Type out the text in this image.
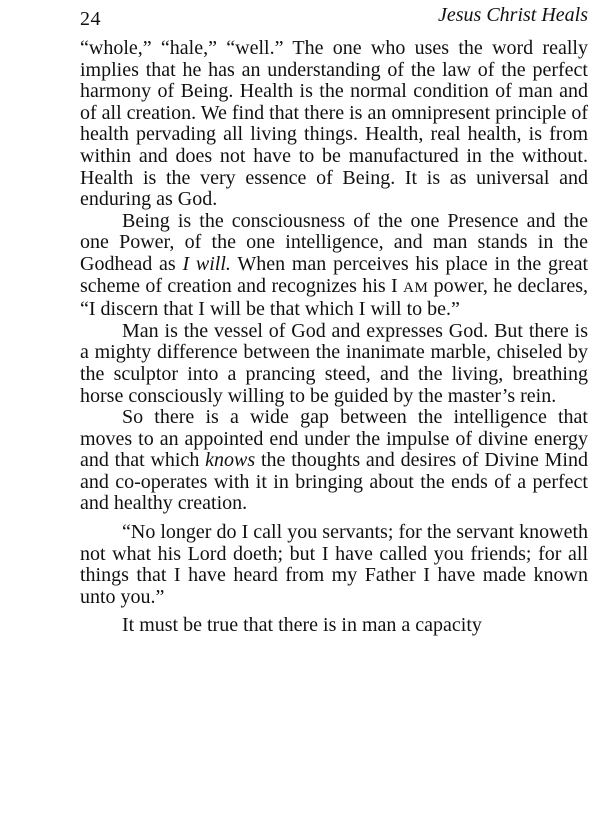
24	Jesus Christ Heals

“whole,” “hale,” “well.” The one who uses the word really implies that he has an understanding of the law of the perfect harmony of Being. Health is the normal condition of man and of all creation. We find that there is an omnipresent principle of health pervading all living things. Health, real health, is from within and does not have to be manufactured in the without. Health is the very essence of Being. It is as universal and enduring as God.

Being is the consciousness of the one Presence and the one Power, of the one intelligence, and man stands in the Godhead as I will. When man perceives his place in the great scheme of creation and recognizes his I AM power, he declares, “I discern that I will be that which I will to be.”

Man is the vessel of God and expresses God. But there is a mighty difference between the inanimate marble, chiseled by the sculptor into a prancing steed, and the living, breathing horse consciously willing to be guided by the master’s rein.

So there is a wide gap between the intelligence that moves to an appointed end under the impulse of divine energy and that which knows the thoughts and desires of Divine Mind and co-operates with it in bringing about the ends of a perfect and healthy creation.

“No longer do I call you servants; for the servant knoweth not what his Lord doeth; but I have called you friends; for all things that I have heard from my Father I have made known unto you.”

It must be true that there is in man a capacity
